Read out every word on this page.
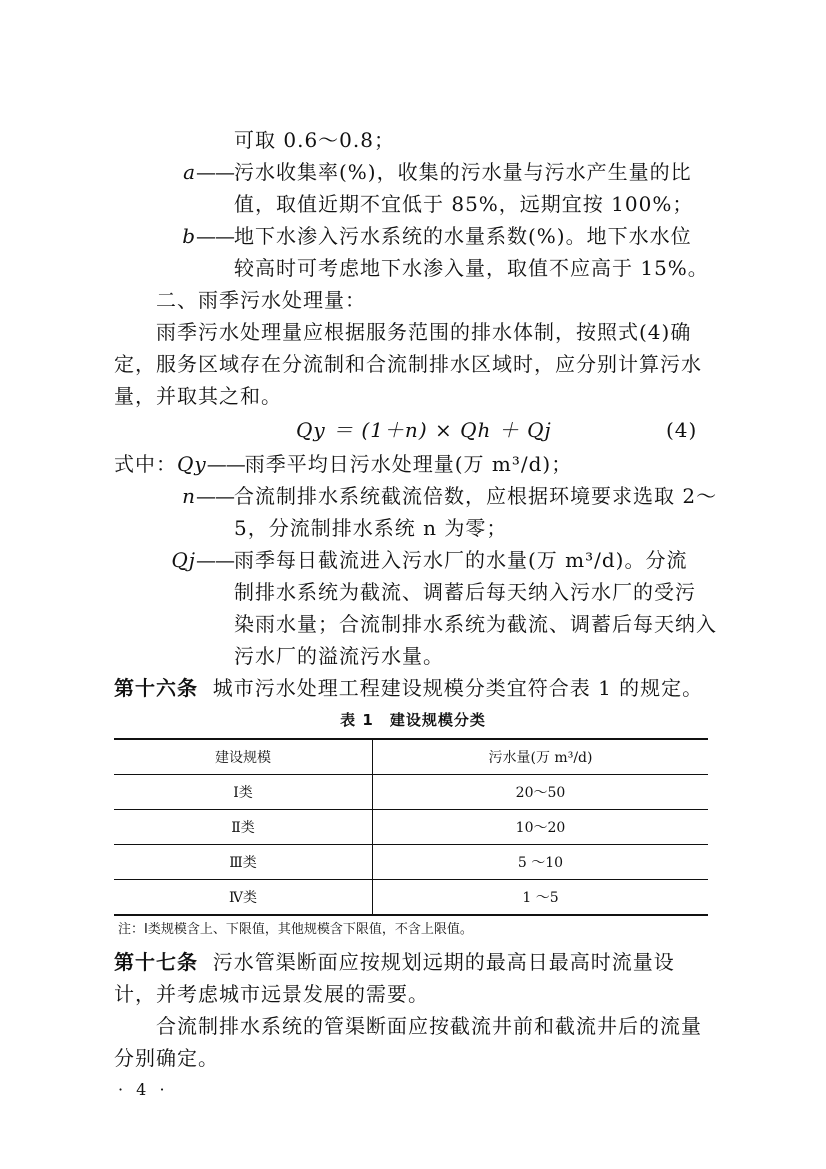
可取 0.6～0.8；
a——污水收集率(%)，收集的污水量与污水产生量的比
值，取值近期不宜低于 85%，远期宜按 100%；
b——地下水渗入污水系统的水量系数(%)。地下水水位
较高时可考虑地下水渗入量，取值不应高于 15%。
二、雨季污水处理量：
雨季污水处理量应根据服务范围的排水体制，按照式(4)确
定，服务区域存在分流制和合流制排水区域时，应分别计算污水
量，并取其之和。
Qy ＝ (1＋n) × Qh ＋ Qj	(4)
式中：Qy——雨季平均日污水处理量(万 m³/d)；
n——合流制排水系统截流倍数，应根据环境要求选取 2～
5，分流制排水系统 n 为零；
Qj——雨季每日截流进入污水厂的水量(万 m³/d)。分流
制排水系统为截流、调蓄后每天纳入污水厂的受污
染雨水量；合流制排水系统为截流、调蓄后每天纳入
污水厂的溢流污水量。
第十六条 城市污水处理工程建设规模分类宜符合表 1 的规定。
表 1　建设规模分类
建设规模	污水量(万 m³/d)
Ⅰ类	20～50
Ⅱ类	10～20
Ⅲ类	5 ～10
Ⅳ类	1 ～5
注：Ⅰ类规模含上、下限值，其他规模含下限值，不含上限值。
第十七条 污水管渠断面应按规划远期的最高日最高时流量设
计，并考虑城市远景发展的需要。
合流制排水系统的管渠断面应按截流井前和截流井后的流量
分别确定。
· 4 ·
